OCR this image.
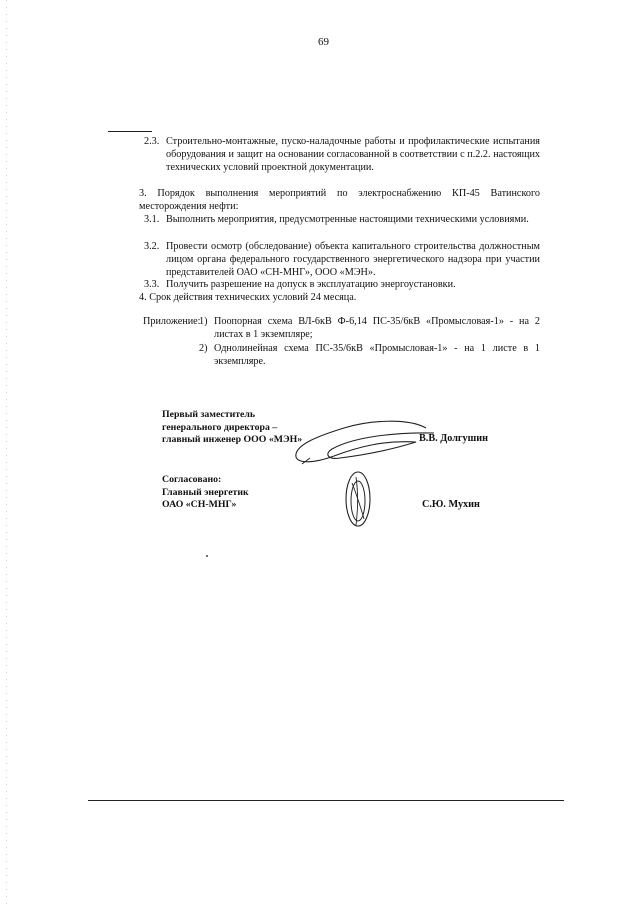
69
2.3. Строительно-монтажные, пуско-наладочные работы и профилактические испытания оборудования и защит на основании согласованной в соответствии с п.2.2. настоящих технических условий проектной документации.
3. Порядок выполнения мероприятий по электроснабжению КП-45 Ватинского месторождения нефти:
3.1. Выполнить мероприятия, предусмотренные настоящими техническими условиями.
3.2. Провести осмотр (обследование) объекта капитального строительства должностным лицом органа федерального государственного энергетического надзора при участии представителей ОАО «СН-МНГ», ООО «МЭН».
3.3. Получить разрешение на допуск в эксплуатацию энергоустановки.
4. Срок действия технических условий 24 месяца.
Приложение:
1) Поопорная схема ВЛ-6кВ Ф-6,14 ПС-35/6кВ «Промысловая-1» - на 2 листах в 1 экземпляре;
2) Однолинейная схема ПС-35/6кВ «Промысловая-1» - на 1 листе в 1 экземпляре.
Первый заместитель
генерального директора –
главный инженер ООО «МЭН»	В.В. Долгушин
Согласовано:
Главный энергетик
ОАО «СН-МНГ»	С.Ю. Мухин
